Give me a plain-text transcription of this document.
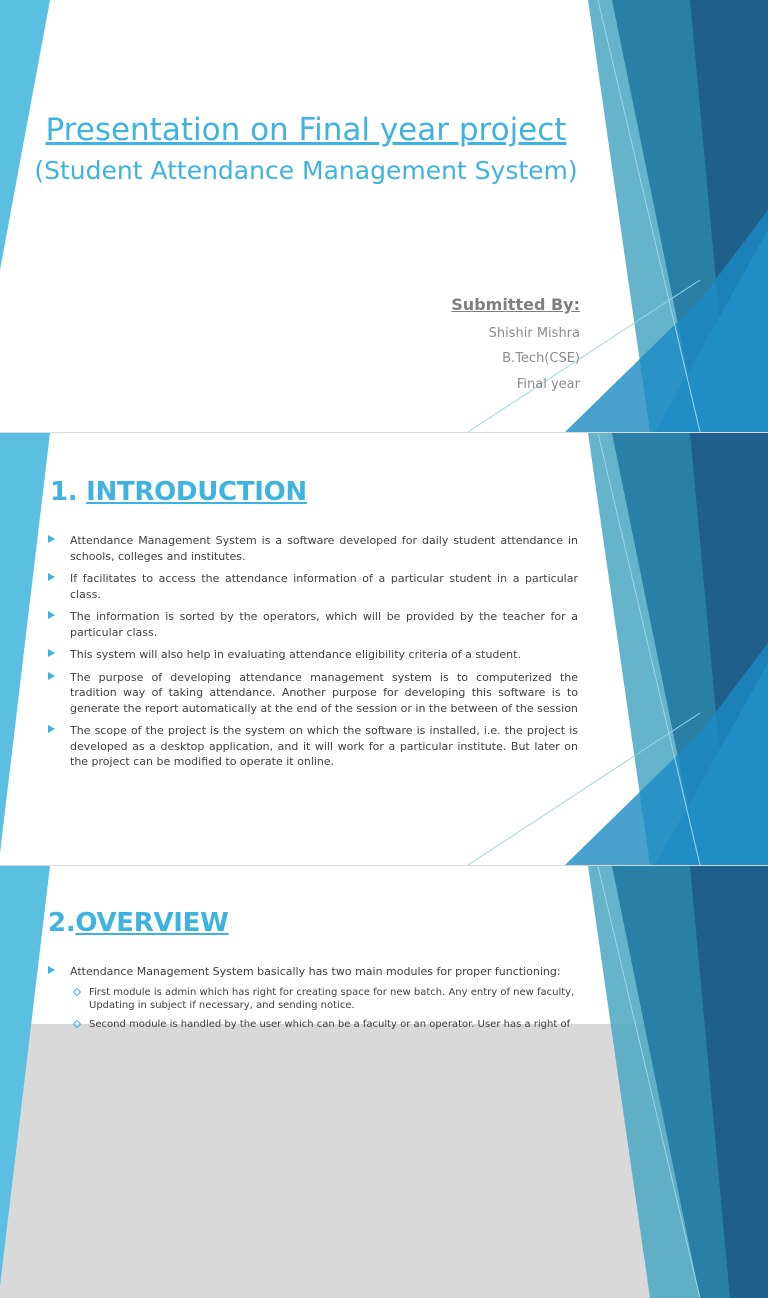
Presentation on Final year project
(Student Attendance Management System)
Submitted By:
Shishir Mishra
B.Tech(CSE)
Final year
1. INTRODUCTION
Attendance Management System is a software developed for daily student attendance in schools, colleges and institutes.
If facilitates to access the attendance information of a particular student in a particular class.
The information is sorted by the operators, which will be provided by the teacher for a particular class.
This system will also help in evaluating attendance eligibility criteria of a student.
The purpose of developing attendance management system is to computerized the tradition way of taking attendance. Another purpose for developing this software is to generate the report automatically at the end of the session or in the between of the session
The scope of the project is the system on which the software is installed, i.e. the project is developed as a desktop application, and it will work for a particular institute. But later on the project can be modified to operate it online.
2.OVERVIEW
Attendance Management System basically has two main modules for proper functioning:
First module is admin which has right for creating space for new batch. Any entry of new faculty, Updating in subject if necessary, and sending notice.
Second module is handled by the user which can be a faculty or an operator. User has a right of
